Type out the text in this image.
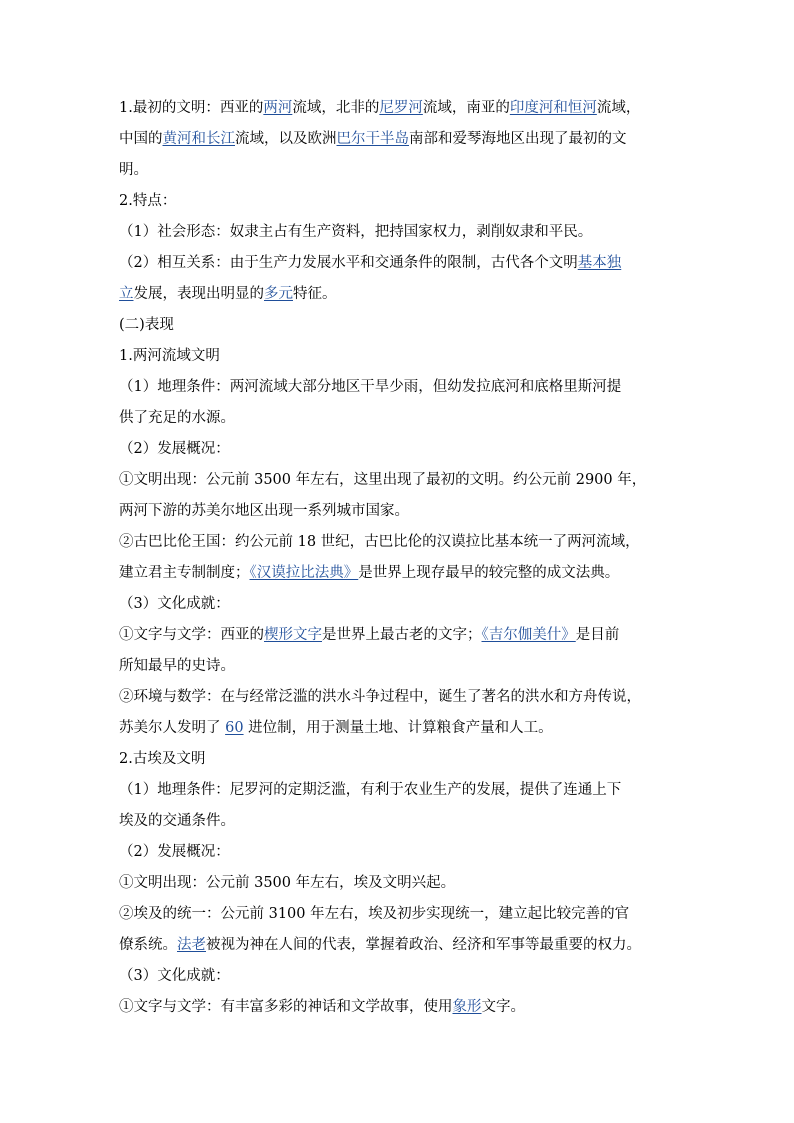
1.最初的文明：西亚的两河流域，北非的尼罗河流域，南亚的印度河和恒河流域，
中国的黄河和长江流域，以及欧洲巴尔干半岛南部和爱琴海地区出现了最初的文
明。
2.特点：
（1）社会形态：奴隶主占有生产资料，把持国家权力，剥削奴隶和平民。
（2）相互关系：由于生产力发展水平和交通条件的限制，古代各个文明基本独
立发展，表现出明显的多元特征。
(二)表现
1.两河流域文明
（1）地理条件：两河流域大部分地区干旱少雨，但幼发拉底河和底格里斯河提
供了充足的水源。
（2）发展概况：
①文明出现：公元前 3500 年左右，这里出现了最初的文明。约公元前 2900 年，
两河下游的苏美尔地区出现一系列城市国家。
②古巴比伦王国：约公元前 18 世纪，古巴比伦的汉谟拉比基本统一了两河流域，
建立君主专制制度；《汉谟拉比法典》是世界上现存最早的较完整的成文法典。
（3）文化成就：
①文字与文学：西亚的楔形文字是世界上最古老的文字；《吉尔伽美什》是目前
所知最早的史诗。
②环境与数学：在与经常泛滥的洪水斗争过程中，诞生了著名的洪水和方舟传说，
苏美尔人发明了 60 进位制，用于测量土地、计算粮食产量和人工。
2.古埃及文明
（1）地理条件：尼罗河的定期泛滥，有利于农业生产的发展，提供了连通上下
埃及的交通条件。
（2）发展概况：
①文明出现：公元前 3500 年左右，埃及文明兴起。
②埃及的统一：公元前 3100 年左右，埃及初步实现统一，建立起比较完善的官
僚系统。法老被视为神在人间的代表，掌握着政治、经济和军事等最重要的权力。
（3）文化成就：
①文字与文学：有丰富多彩的神话和文学故事，使用象形文字。
